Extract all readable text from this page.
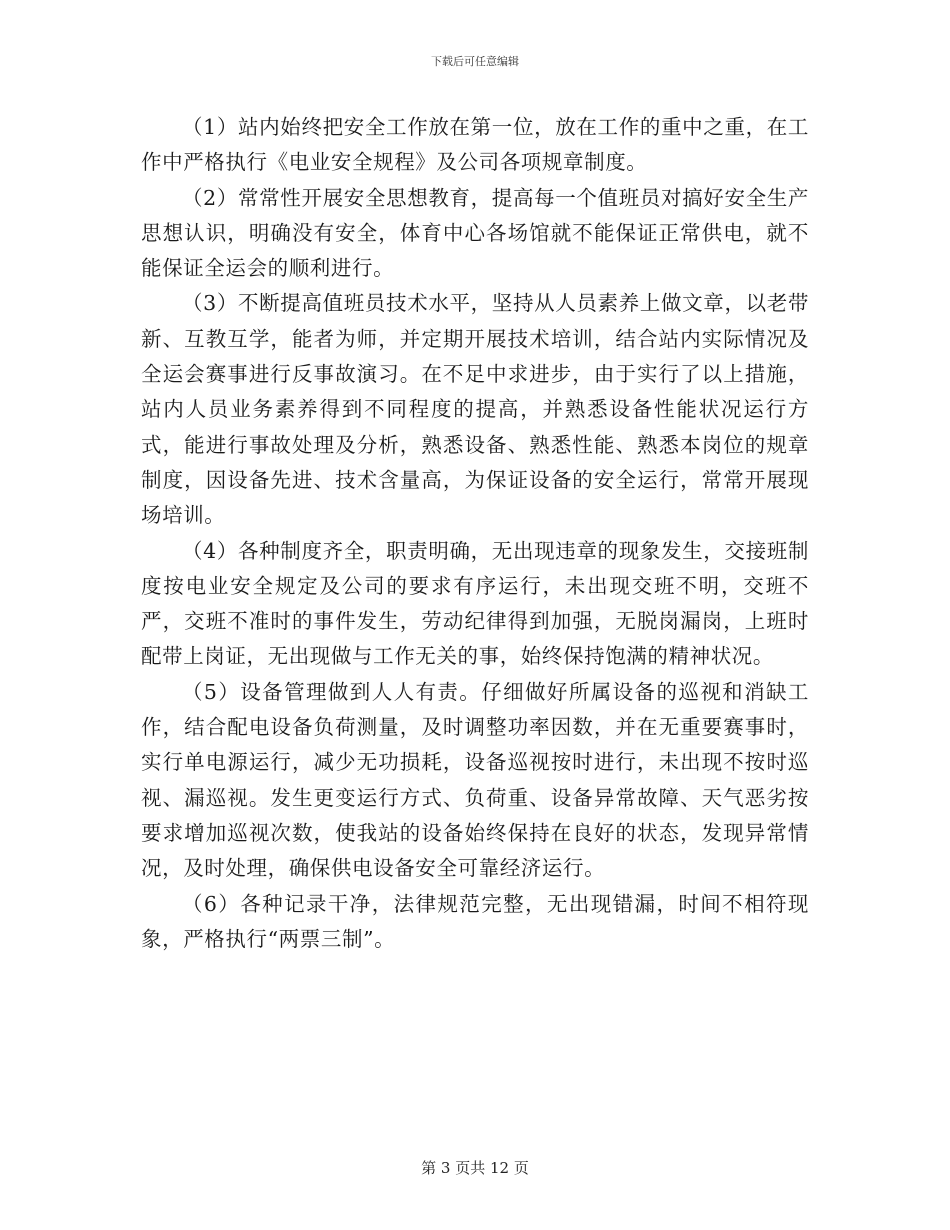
下载后可任意编辑

（1）站内始终把安全工作放在第一位，放在工作的重中之重，在工作中严格执行《电业安全规程》及公司各项规章制度。

（2）常常性开展安全思想教育，提高每一个值班员对搞好安全生产思想认识，明确没有安全，体育中心各场馆就不能保证正常供电，就不能保证全运会的顺利进行。

（3）不断提高值班员技术水平，坚持从人员素养上做文章，以老带新、互教互学，能者为师，并定期开展技术培训，结合站内实际情况及全运会赛事进行反事故演习。在不足中求进步，由于实行了以上措施，站内人员业务素养得到不同程度的提高，并熟悉设备性能状况运行方式，能进行事故处理及分析，熟悉设备、熟悉性能、熟悉本岗位的规章制度，因设备先进、技术含量高，为保证设备的安全运行，常常开展现场培训。

（4）各种制度齐全，职责明确，无出现违章的现象发生，交接班制度按电业安全规定及公司的要求有序运行，未出现交班不明，交班不严，交班不准时的事件发生，劳动纪律得到加强，无脱岗漏岗，上班时配带上岗证，无出现做与工作无关的事，始终保持饱满的精神状况。

（5）设备管理做到人人有责。仔细做好所属设备的巡视和消缺工作，结合配电设备负荷测量，及时调整功率因数，并在无重要赛事时，实行单电源运行，减少无功损耗，设备巡视按时进行，未出现不按时巡视、漏巡视。发生更变运行方式、负荷重、设备异常故障、天气恶劣按要求增加巡视次数，使我站的设备始终保持在良好的状态，发现异常情况，及时处理，确保供电设备安全可靠经济运行。

（6）各种记录干净，法律规范完整，无出现错漏，时间不相符现象，严格执行“两票三制”。

第 3 页共 12 页
